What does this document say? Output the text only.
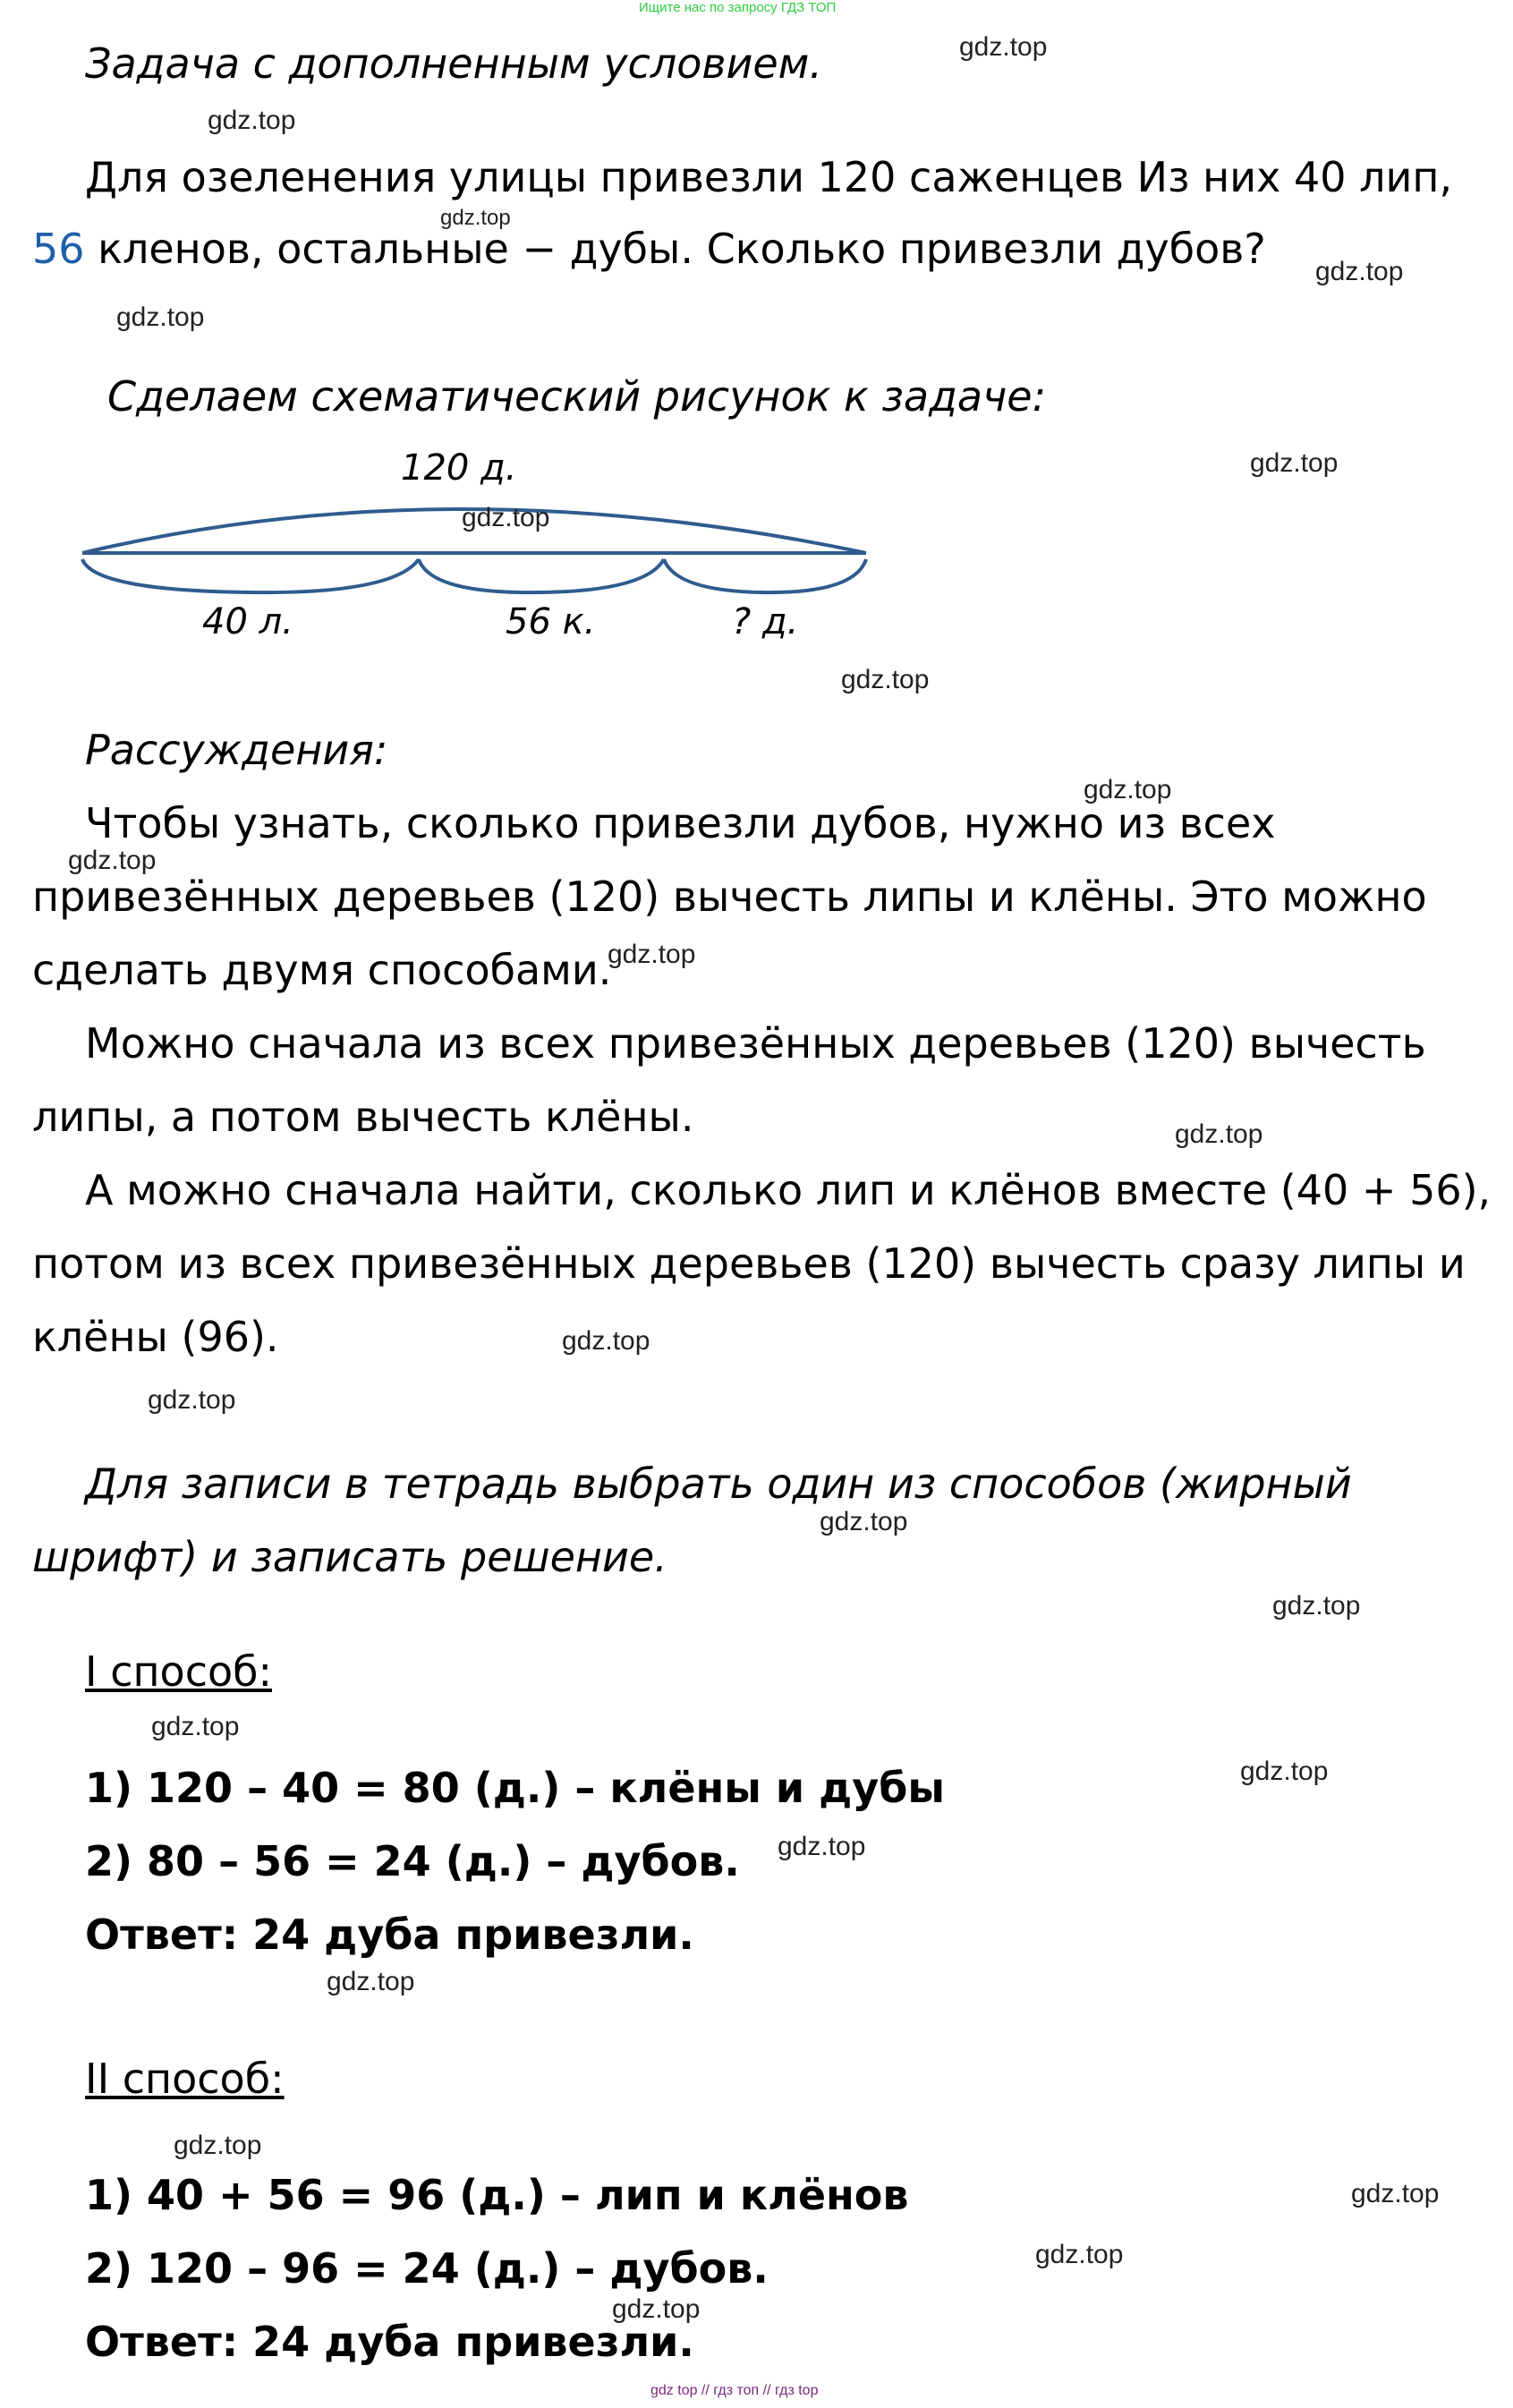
Ищите нас по запросу ГДЗ ТОП
gdz top // гдз топ // гдз top
Задача с дополненным условием.
Для озеленения улицы привезли 120 саженцев Из них 40 лип,
56 кленов, остальные − дубы. Сколько привезли дубов?
Сделаем схематический рисунок к задаче:
120 д.
40 л.	56 к.	? д.
Рассуждения:
Чтобы узнать, сколько привезли дубов, нужно из всех
привезённых деревьев (120) вычесть липы и клёны. Это можно
сделать двумя способами.
Можно сначала из всех привезённых деревьев (120) вычесть
липы, а потом вычесть клёны.
А можно сначала найти, сколько лип и клёнов вместе (40 + 56),
потом из всех привезённых деревьев (120) вычесть сразу липы и
клёны (96).
Для записи в тетрадь выбрать один из способов (жирный
шрифт) и записать решение.
I способ:
1) 120 – 40 = 80 (д.) – клёны и дубы
2) 80 – 56 = 24 (д.) – дубов.
Ответ: 24 дуба привезли.
II способ:
1) 40 + 56 = 96 (д.) – лип и клёнов
2) 120 – 96 = 24 (д.) – дубов.
Ответ: 24 дуба привезли.
gdz.top
gdz.top
gdz.top
gdz.top
gdz.top
gdz.top
gdz.top
gdz.top
gdz.top
gdz.top
gdz.top
gdz.top
gdz.top
gdz.top
gdz.top
gdz.top
gdz.top
gdz.top
gdz.top
gdz.top
gdz.top
gdz.top
gdz.top
gdz.top
